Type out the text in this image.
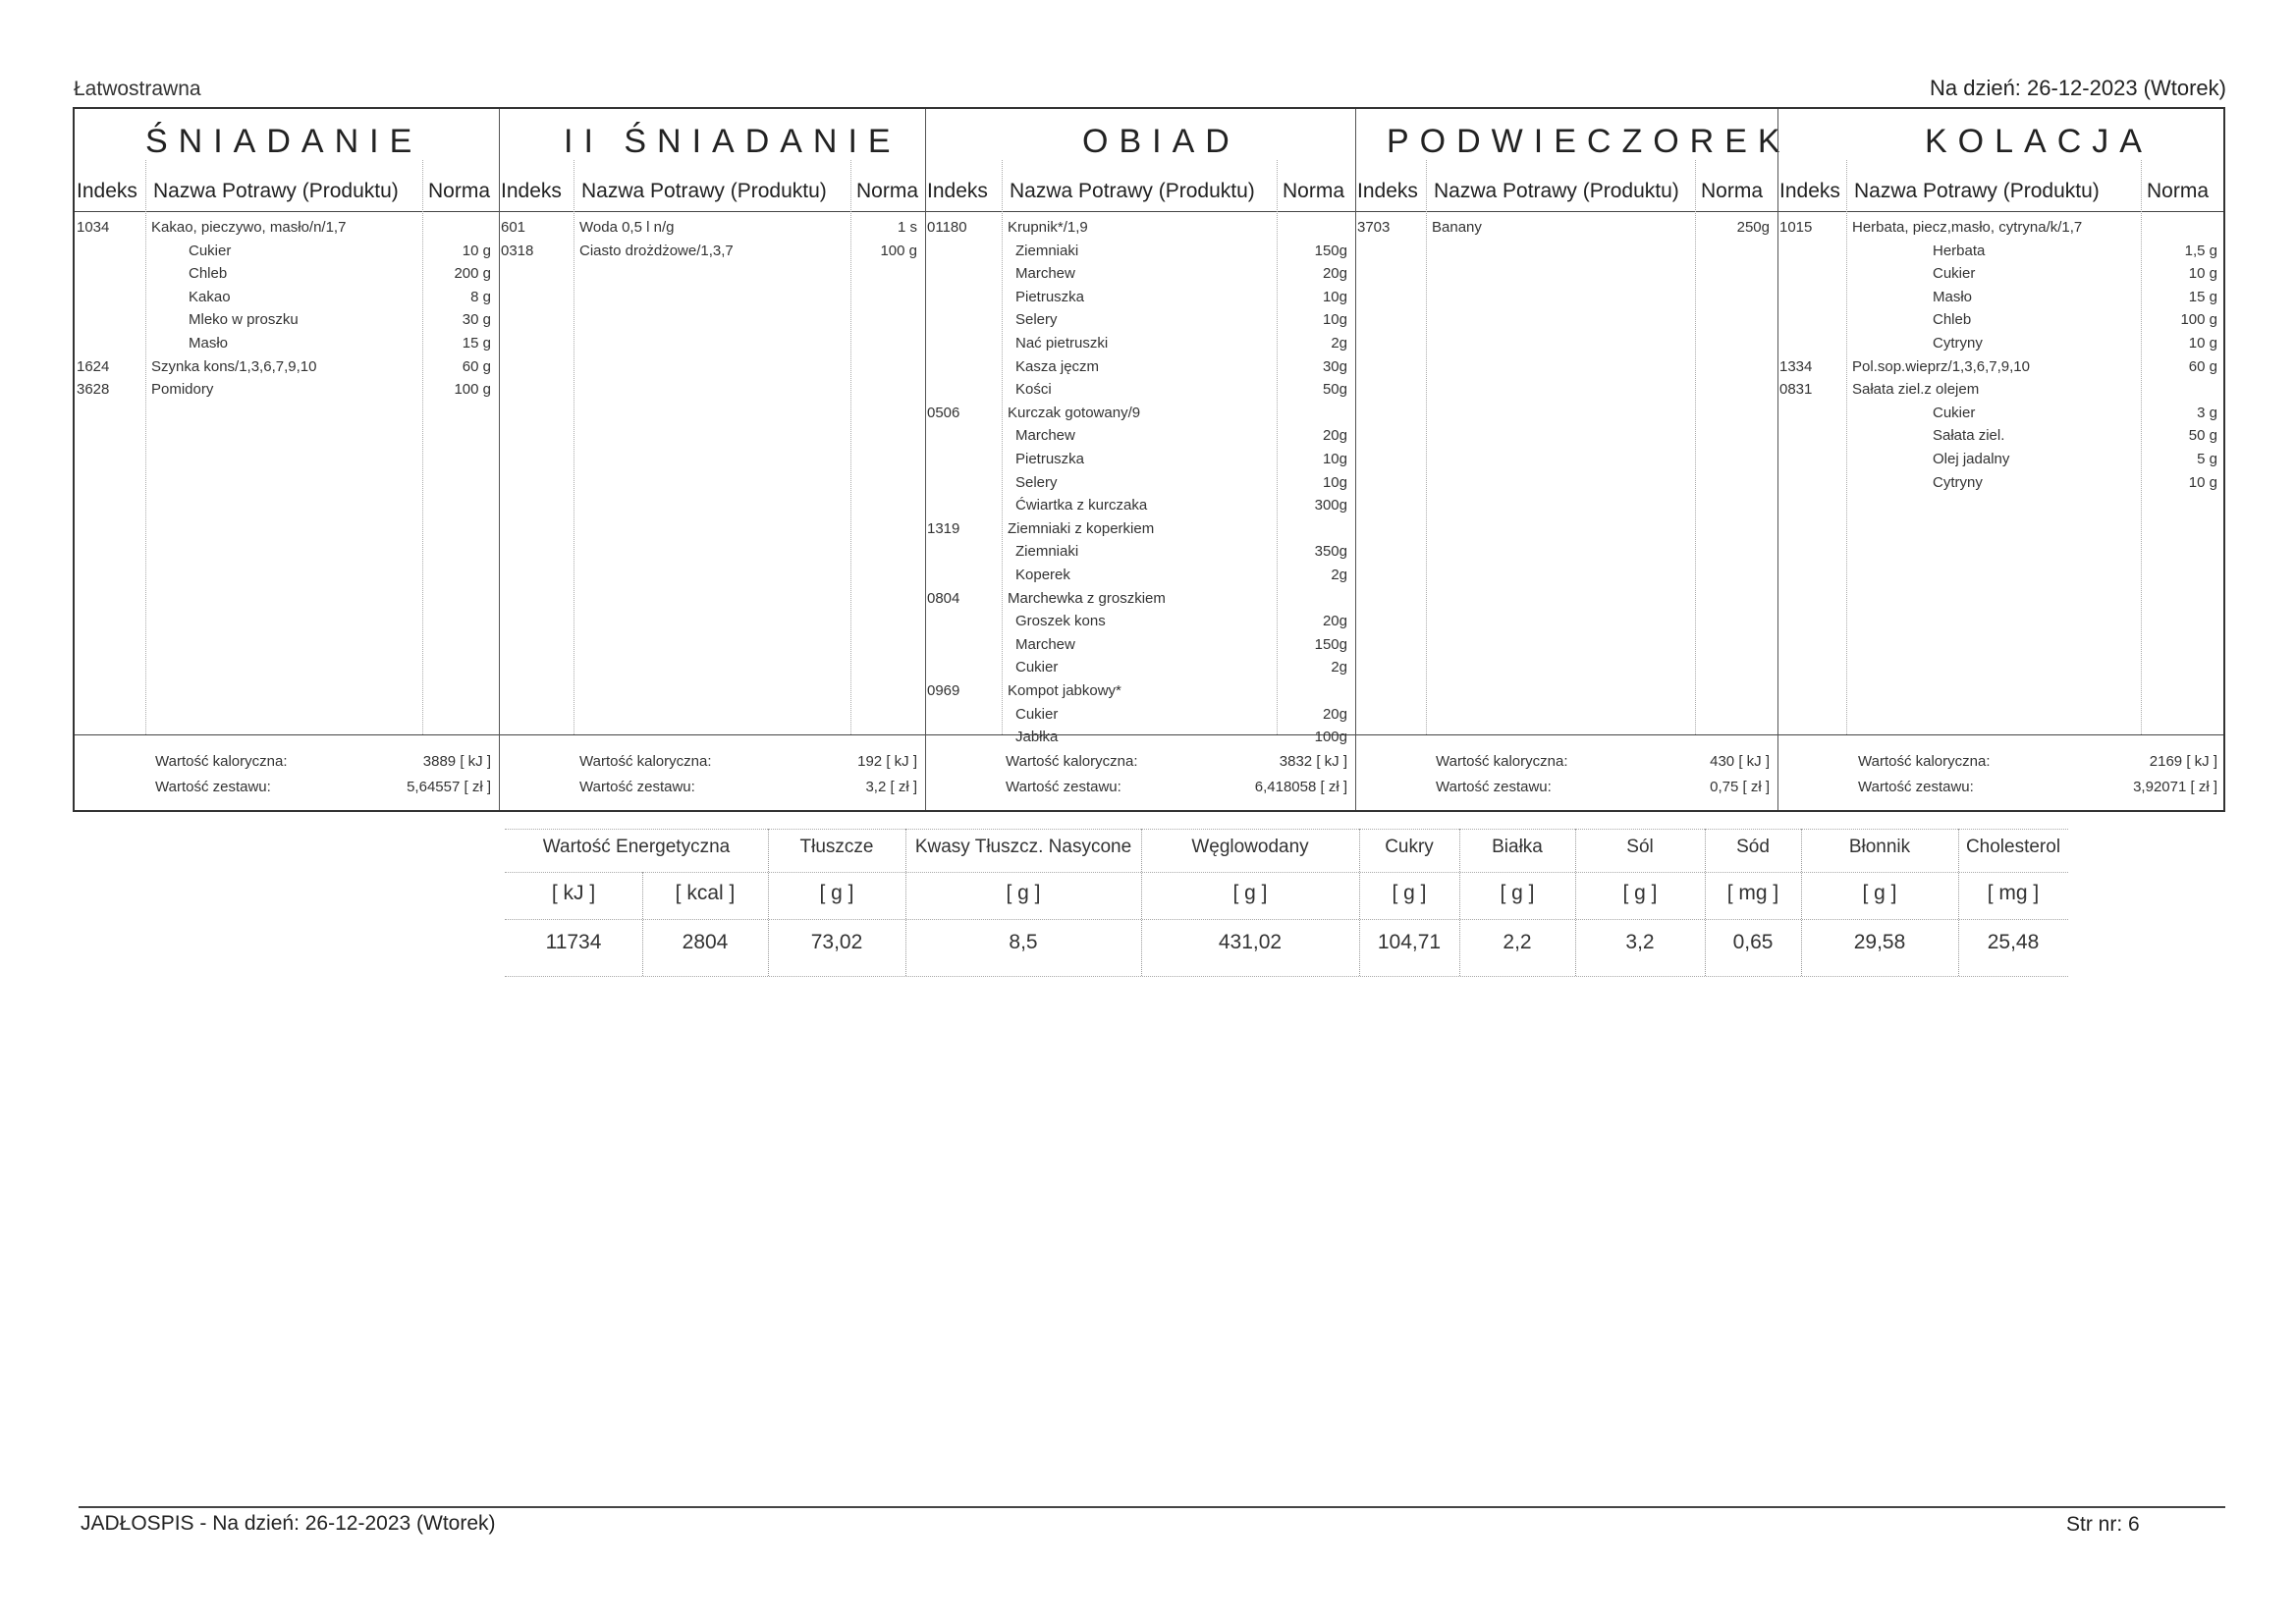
Łatwostrawna	Na dzień: 26-12-2023 (Wtorek)
ŚNIADANIE
Indeks Nazwa Potrawy (Produktu) Norma
1034	Kakao, pieczywo, masło/n/1,7
Cukier	10 g
Chleb	200 g
Kakao	8 g
Mleko w proszku	30 g
Masło	15 g
1624	Szynka kons/1,3,6,7,9,10	60 g
3628	Pomidory	100 g
Wartość kaloryczna:	3889 [ kJ ]
Wartość zestawu:	5,64557 [ zł ]
II ŚNIADANIE
Indeks Nazwa Potrawy (Produktu) Norma
601	Woda 0,5 l n/g	1 s
0318	Ciasto drożdżowe/1,3,7	100 g
Wartość kaloryczna:	192 [ kJ ]
Wartość zestawu:	3,2 [ zł ]
OBIAD
Indeks Nazwa Potrawy (Produktu) Norma
01180	Krupnik*/1,9
Ziemniaki	150g
Marchew	20g
Pietruszka	10g
Selery	10g
Nać pietruszki	2g
Kasza jęczm	30g
Kości	50g
0506	Kurczak gotowany/9
Marchew	20g
Pietruszka	10g
Selery	10g
Ćwiartka z kurczaka	300g
1319	Ziemniaki z koperkiem
Ziemniaki	350g
Koperek	2g
0804	Marchewka z groszkiem
Groszek kons	20g
Marchew	150g
Cukier	2g
0969	Kompot jabkowy*
Cukier	20g
Jabłka	100g
Wartość kaloryczna:	3832 [ kJ ]
Wartość zestawu:	6,418058 [ zł ]
PODWIECZOREK
Indeks Nazwa Potrawy (Produktu) Norma
3703	Banany	250g
Wartość kaloryczna:	430 [ kJ ]
Wartość zestawu:	0,75 [ zł ]
KOLACJA
Indeks Nazwa Potrawy (Produktu) Norma
1015	Herbata, piecz,masło, cytryna/k/1,7
Herbata	1,5 g
Cukier	10 g
Masło	15 g
Chleb	100 g
Cytryny	10 g
1334	Pol.sop.wieprz/1,3,6,7,9,10	60 g
0831	Sałata ziel.z olejem
Cukier	3 g
Sałata ziel.	50 g
Olej jadalny	5 g
Cytryny	10 g
Wartość kaloryczna:	2169 [ kJ ]
Wartość zestawu:	3,92071 [ zł ]
Wartość Energetyczna	Tłuszcze	Kwasy Tłuszcz. Nasycone	Węglowodany	Cukry	Białka	Sól	Sód	Błonnik	Cholesterol
[ kJ ]	[ kcal ]	[ g ]	[ g ]	[ g ]	[ g ]	[ g ]	[ g ]	[ mg ]	[ g ]	[ mg ]
11734	2804	73,02	8,5	431,02	104,71	2,2	3,2	0,65	29,58	25,48
JADŁOSPIS - Na dzień: 26-12-2023 (Wtorek)	Str nr: 6
